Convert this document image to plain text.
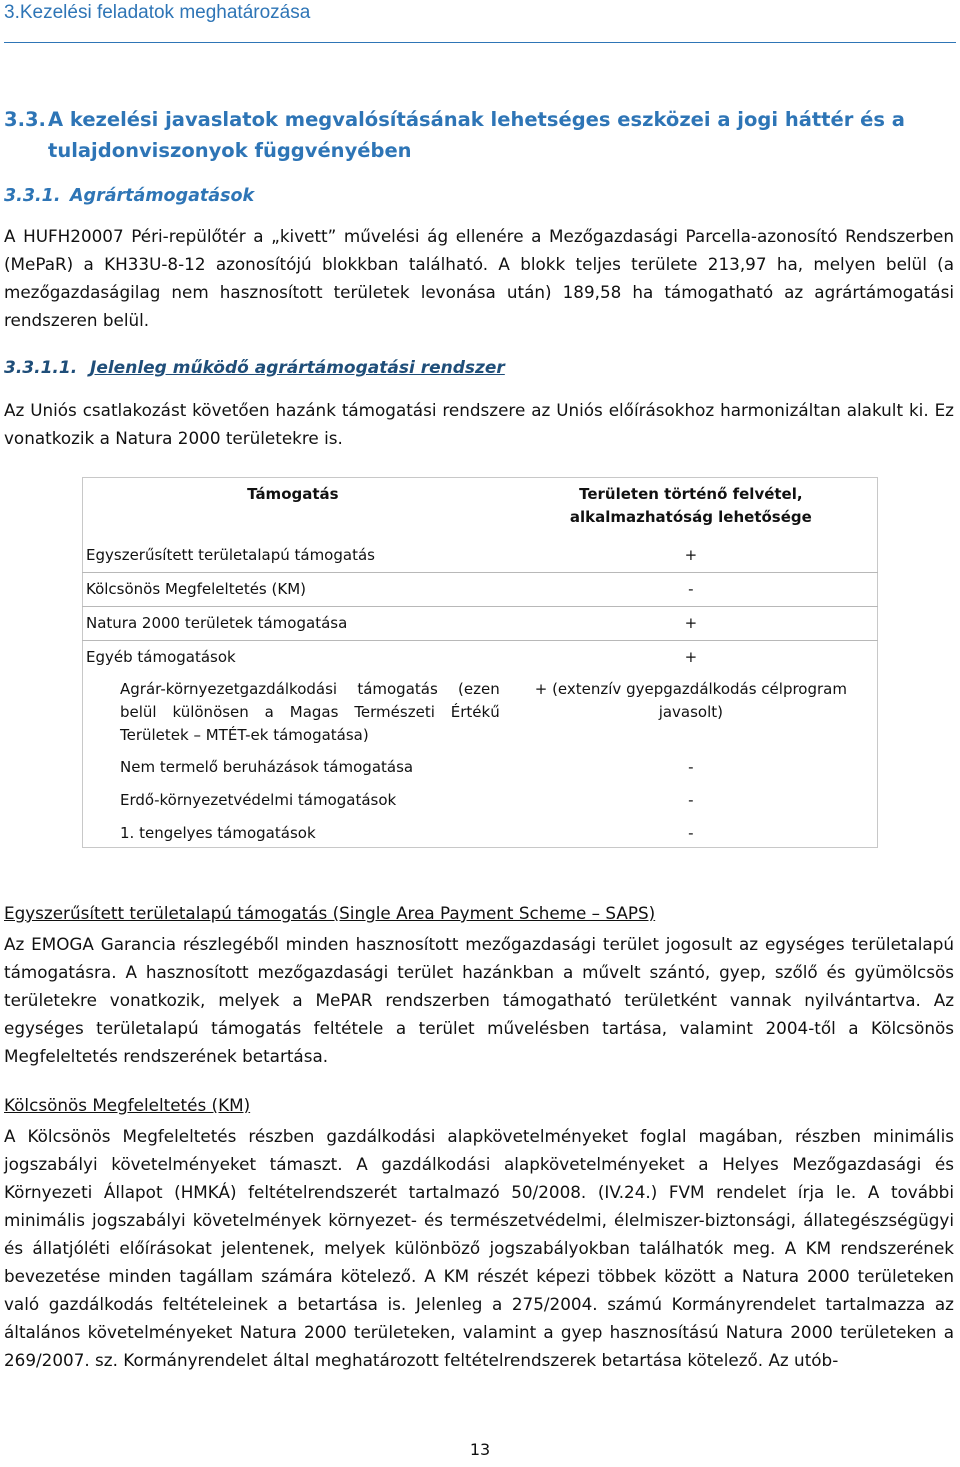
3.Kezelési feladatok meghatározása
3.3. A kezelési javaslatok megvalósításának lehetséges eszközei a jogi háttér és a
tulajdonviszonyok függvényében
3.3.1. Agrártámogatások

A HUFH20007 Péri-repülőtér a „kivett” művelési ág ellenére a Mezőgazdasági Parcella-azonosító Rendszerben (MePaR) a KH33U-8-12 azonosítójú blokkban található. A blokk teljes területe 213,97 ha, melyen belül (a mezőgazdaságilag nem hasznosított területek levonása után) 189,58 ha támogatható az agrártámogatási rendszeren belül.

3.3.1.1. Jelenleg működő agrártámogatási rendszer

Az Uniós csatlakozást követően hazánk támogatási rendszere az Uniós előírásokhoz harmonizáltan alakult ki. Ez vonatkozik a Natura 2000 területekre is.

Támogatás	Területen történő felvétel, alkalmazhatóság lehetősége
Egyszerűsített területalapú támogatás	+
Kölcsönös Megfeleltetés (KM)	-
Natura 2000 területek támogatása	+
Egyéb támogatások	+
Agrár-környezetgazdálkodási támogatás (ezen belül különösen a Magas Természeti Értékű Területek – MTÉT-ek támogatása)	+ (extenzív gyepgazdálkodás célprogram javasolt)
Nem termelő beruházások támogatása	-
Erdő-környezetvédelmi támogatások	-
1. tengelyes támogatások	-
Egyszerűsített területalapú támogatás (Single Area Payment Scheme – SAPS)

Az EMOGA Garancia részlegéből minden hasznosított mezőgazdasági terület jogosult az egységes területalapú támogatásra. A hasznosított mezőgazdasági terület hazánkban a művelt szántó, gyep, szőlő és gyümölcsös területekre vonatkozik, melyek a MePAR rendszerben támogatható területként vannak nyilvántartva. Az egységes területalapú támogatás feltétele a terület művelésben tartása, valamint 2004-től a Kölcsönös Megfeleltetés rendszerének betartása.

Kölcsönös Megfeleltetés (KM)

A Kölcsönös Megfeleltetés részben gazdálkodási alapkövetelményeket foglal magában, részben minimális jogszabályi követelményeket támaszt. A gazdálkodási alapkövetelményeket a Helyes Mezőgazdasági és Környezeti Állapot (HMKÁ) feltételrendszerét tartalmazó 50/2008. (IV.24.) FVM rendelet írja le. A további minimális jogszabályi követelmények környezet- és természetvédelmi, élelmiszer-biztonsági, állategészségügyi és állatjóléti előírásokat jelentenek, melyek különböző jogszabályokban találhatók meg. A KM rendszerének bevezetése minden tagállam számára kötelező. A KM részét képezi többek között a Natura 2000 területeken való gazdálkodás feltételeinek a betartása is. Jelenleg a 275/2004. számú Kormányrendelet tartalmazza az általános követelményeket Natura 2000 területeken, valamint a gyep hasznosítású Natura 2000 területeken a 269/2007. sz. Kormányrendelet által meghatározott feltételrendszerek betartása kötelező. Az utób-

13
